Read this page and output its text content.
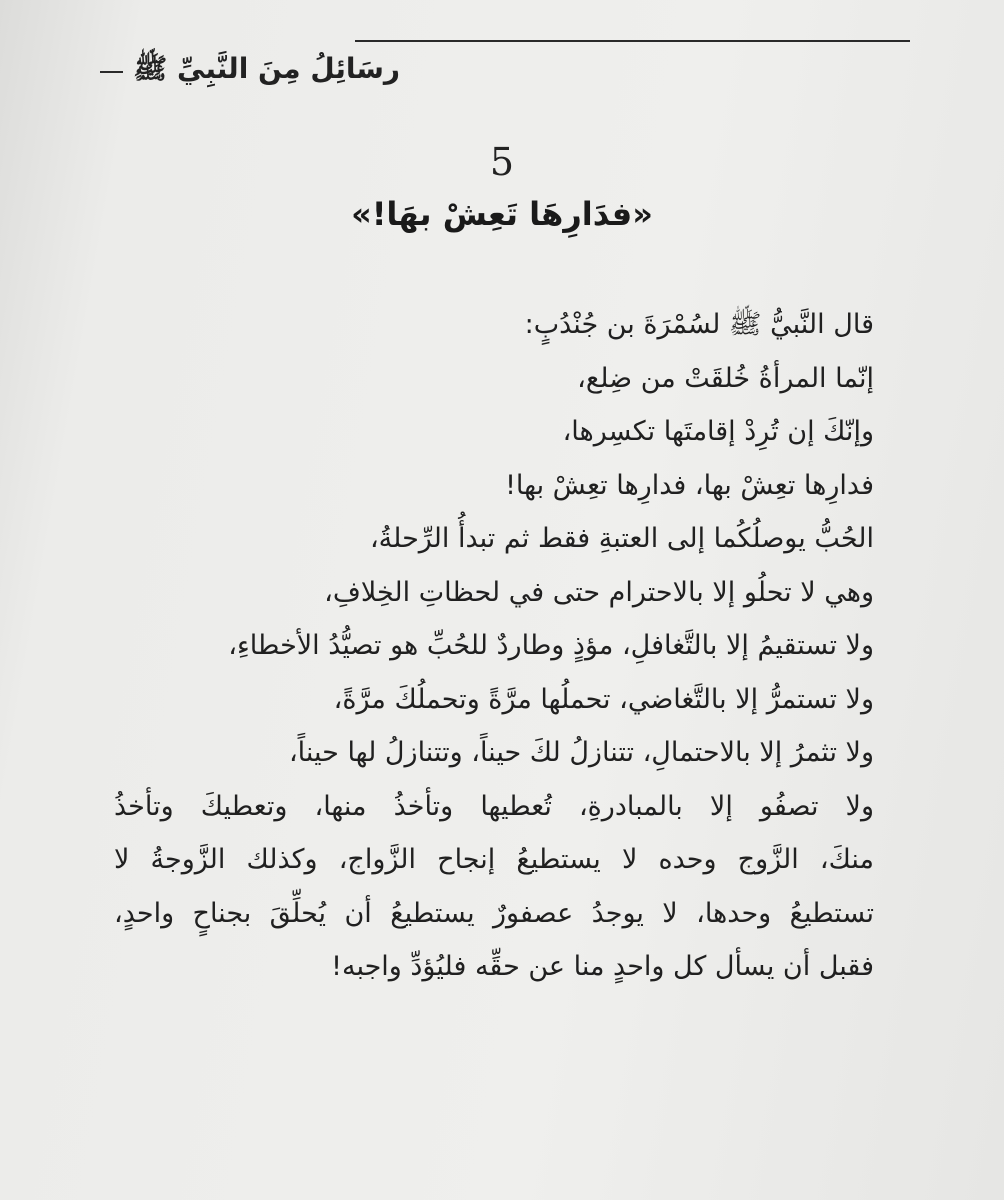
رسَائِلُ مِنَ النَّبِيِّ ﷺ
5
«فدَارِهَا تَعِشْ بهَا!»
قال النَّبيُّ ﷺ لسُمْرَةَ بن جُنْدُبٍ:
إنّما المرأةُ خُلقَتْ من ضِلع،
وإنّكَ إن تُرِدْ إقامتَها تكسِرها،
فدارِها تعِشْ بها، فدارِها تعِشْ بها!
الحُبُّ يوصلُكُما إلى العتبةِ فقط ثم تبدأُ الرِّحلةُ،
وهي لا تحلُو إلا بالاحترام حتى في لحظاتِ الخِلافِ،
ولا تستقيمُ إلا بالتَّغافلِ، مؤذٍ وطاردٌ للحُبِّ هو تصيُّدُ الأخطاءِ،
ولا تستمرُّ إلا بالتَّغاضي، تحملُها مرَّةً وتحملُكَ مرَّةً،
ولا تثمرُ إلا بالاحتمالِ، تتنازلُ لكَ حيناً، وتتنازلُ لها حيناً،
ولا تصفُو إلا بالمبادرةِ، تُعطيها وتأخذُ منها، وتعطيكَ وتأخذُ
منكَ، الزَّوج وحده لا يستطيعُ إنجاح الزَّواج، وكذلك الزَّوجةُ لا
تستطيعُ وحدها، لا يوجدُ عصفورٌ يستطيعُ أن يُحلِّقَ بجناحٍ واحدٍ،
فقبل أن يسأل كل واحدٍ منا عن حقِّه فليُؤدِّ واجبه!
